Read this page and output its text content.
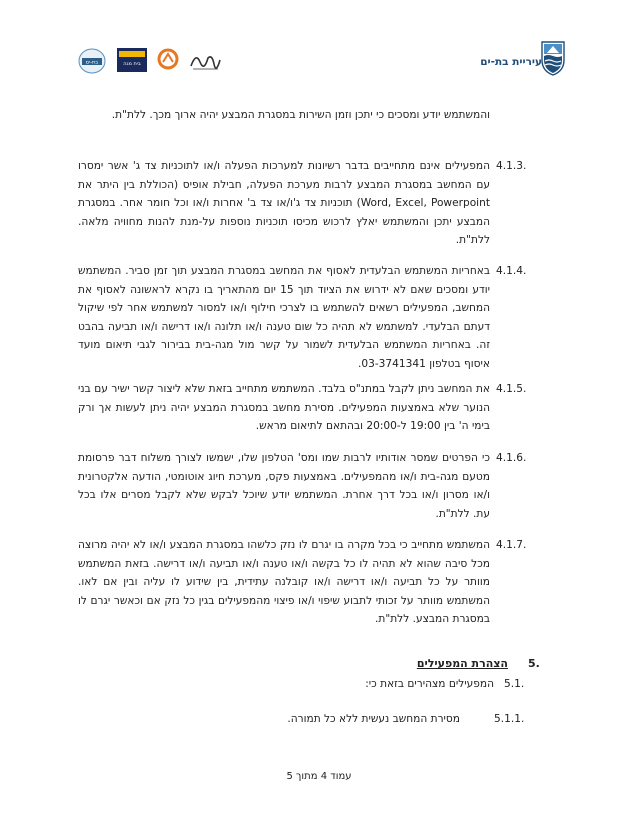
עיריית בת-ים
בת-ים	בית מגה
והמשתמש יודע ומסכים כי יתכן וזמן השירות במסגרת המבצע יהיה ארוך מכך. ללת"ת.
4.1.3.
המפעילים אינם מתחייבים בדבר רשיונות למערכות הפעלה ו/או לתוכניות צד ג' אשר ימסרו עם המחשב במסגרת המבצע לרבות מערכת הפעלה, חבילת אופיס (הכוללת בין היתר את Word, Excel, Powerpoint) תוכניות צד ג'ו/או צד ב' אחרות ו/או וכל חומר אחר. במסגרת המבצע יתכן והמשתמש יאלץ לרכוש מכיסו תוכניות נוספות על-מנת להנות מחוויה מלאה. ללת"ת.
4.1.4.
באחריות המשתמש הבלעדית לאסוף את המחשב במסגרת המבצע תוך זמן סביר. המשתמש יודע ומסכים שאם לא ידרוש את הציוד תוך 15 יום מהתאריך בו נקרא לראשונה לאסוף את המחשב, המפעילים רשאים להשתמש בו לצרכי חילוף ו/או למסור למשתמש אחר לפי שיקול דעתם הבלעדי. למשתמש לא תהיה כל שום טענה ו/או תלונה ו/או דרישה ו/או תביעה בהבט זה. באחריות המשתמש הבלעדית לשמור על קשר מול מגה-בית בבירור לגבי תיאום מועד איסוף בטלפון 03-3741341.
4.1.5.
את המחשב ניתן לקבל במתנ"ס בלבד. המשתמש מתחייב בזאת שלא ליצור קשר ישיר עם בני הנוער שלא באמצעות המפעילים. מסירת מחשב במסגרת המבצע יהיה ניתן לעשות אך ורק בימי ה' בין 19:00 ל-20:00 ובהתאם לתיאום מראש.
4.1.6.
כי הפרטים שמסר אודותיו לרבות שמו ומס' הטלפון שלו, ישמשו לצורך משלוח דבר פרסומת מטעם מגה-בית ו/או מהמפעילים. באמצעות פקס, מערכת חיוג אוטומטי, הודעה אלקטרונית ו/או מסרון ו/או בכל דרך אחרת. המשתמש יודע שיוכל לבקש שלא לקבל מסרים אלו בכל עת. ללת"ת.
4.1.7.
המשתמש מתחייב כי בכל מקרה בו יגרם לו נזק כלשהו במסגרת המבצע ו/או לא יהיה מרוצה מכל סיבה שהוא לא תהיה לו כל בקשה ו/או טענה ו/או תביעה ו/או דרישה. בזאת המשתמש מוותר על כל תביעה ו/או דרישה ו/או קובלנה עתידית, בין שידוע לו עליה ובין אם לאו. המשתמש מוותר על זכותי לתבוע שיפוי ו/או פיצוי מהמפעילים בגין כל נזק אם וכאשר יגרם לו במסגרת המבצע. ללת"ת.
5.
הצהרת המפעילים
5.1.
המפעילים מצהירים בזאת כי:
5.1.1.
מסירת המחשב נעשית ללא כל תמורה.
עמוד 4 מתוך 5
